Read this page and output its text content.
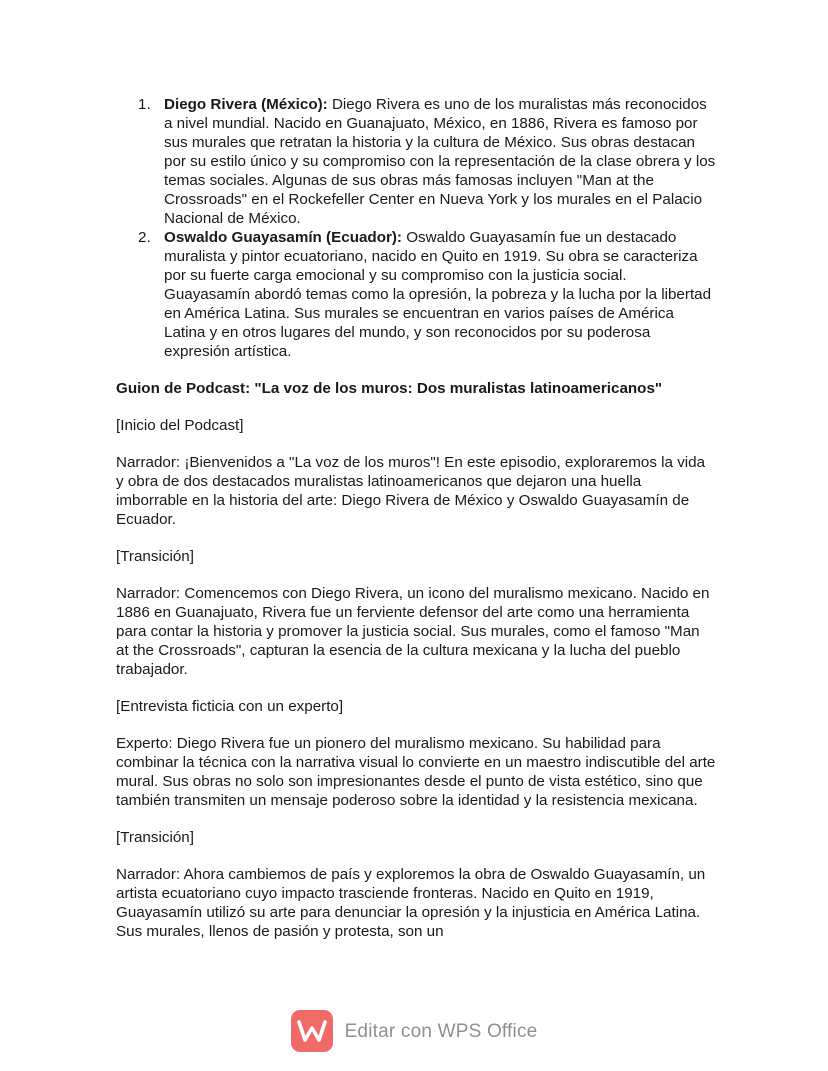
1. Diego Rivera (México): Diego Rivera es uno de los muralistas más reconocidos a nivel mundial. Nacido en Guanajuato, México, en 1886, Rivera es famoso por sus murales que retratan la historia y la cultura de México. Sus obras destacan por su estilo único y su compromiso con la representación de la clase obrera y los temas sociales. Algunas de sus obras más famosas incluyen "Man at the Crossroads" en el Rockefeller Center en Nueva York y los murales en el Palacio Nacional de México.
2. Oswaldo Guayasamín (Ecuador): Oswaldo Guayasamín fue un destacado muralista y pintor ecuatoriano, nacido en Quito en 1919. Su obra se caracteriza por su fuerte carga emocional y su compromiso con la justicia social. Guayasamín abordó temas como la opresión, la pobreza y la lucha por la libertad en América Latina. Sus murales se encuentran en varios países de América Latina y en otros lugares del mundo, y son reconocidos por su poderosa expresión artística.

Guion de Podcast: "La voz de los muros: Dos muralistas latinoamericanos"

[Inicio del Podcast]

Narrador: ¡Bienvenidos a "La voz de los muros"! En este episodio, exploraremos la vida y obra de dos destacados muralistas latinoamericanos que dejaron una huella imborrable en la historia del arte: Diego Rivera de México y Oswaldo Guayasamín de Ecuador.

[Transición]

Narrador: Comencemos con Diego Rivera, un icono del muralismo mexicano. Nacido en 1886 en Guanajuato, Rivera fue un ferviente defensor del arte como una herramienta para contar la historia y promover la justicia social. Sus murales, como el famoso "Man at the Crossroads", capturan la esencia de la cultura mexicana y la lucha del pueblo trabajador.

[Entrevista ficticia con un experto]

Experto: Diego Rivera fue un pionero del muralismo mexicano. Su habilidad para combinar la técnica con la narrativa visual lo convierte en un maestro indiscutible del arte mural. Sus obras no solo son impresionantes desde el punto de vista estético, sino que también transmiten un mensaje poderoso sobre la identidad y la resistencia mexicana.

[Transición]

Narrador: Ahora cambiemos de país y exploremos la obra de Oswaldo Guayasamín, un artista ecuatoriano cuyo impacto trasciende fronteras. Nacido en Quito en 1919, Guayasamín utilizó su arte para denunciar la opresión y la injusticia en América Latina. Sus murales, llenos de pasión y protesta, son un

Editar con WPS Office
